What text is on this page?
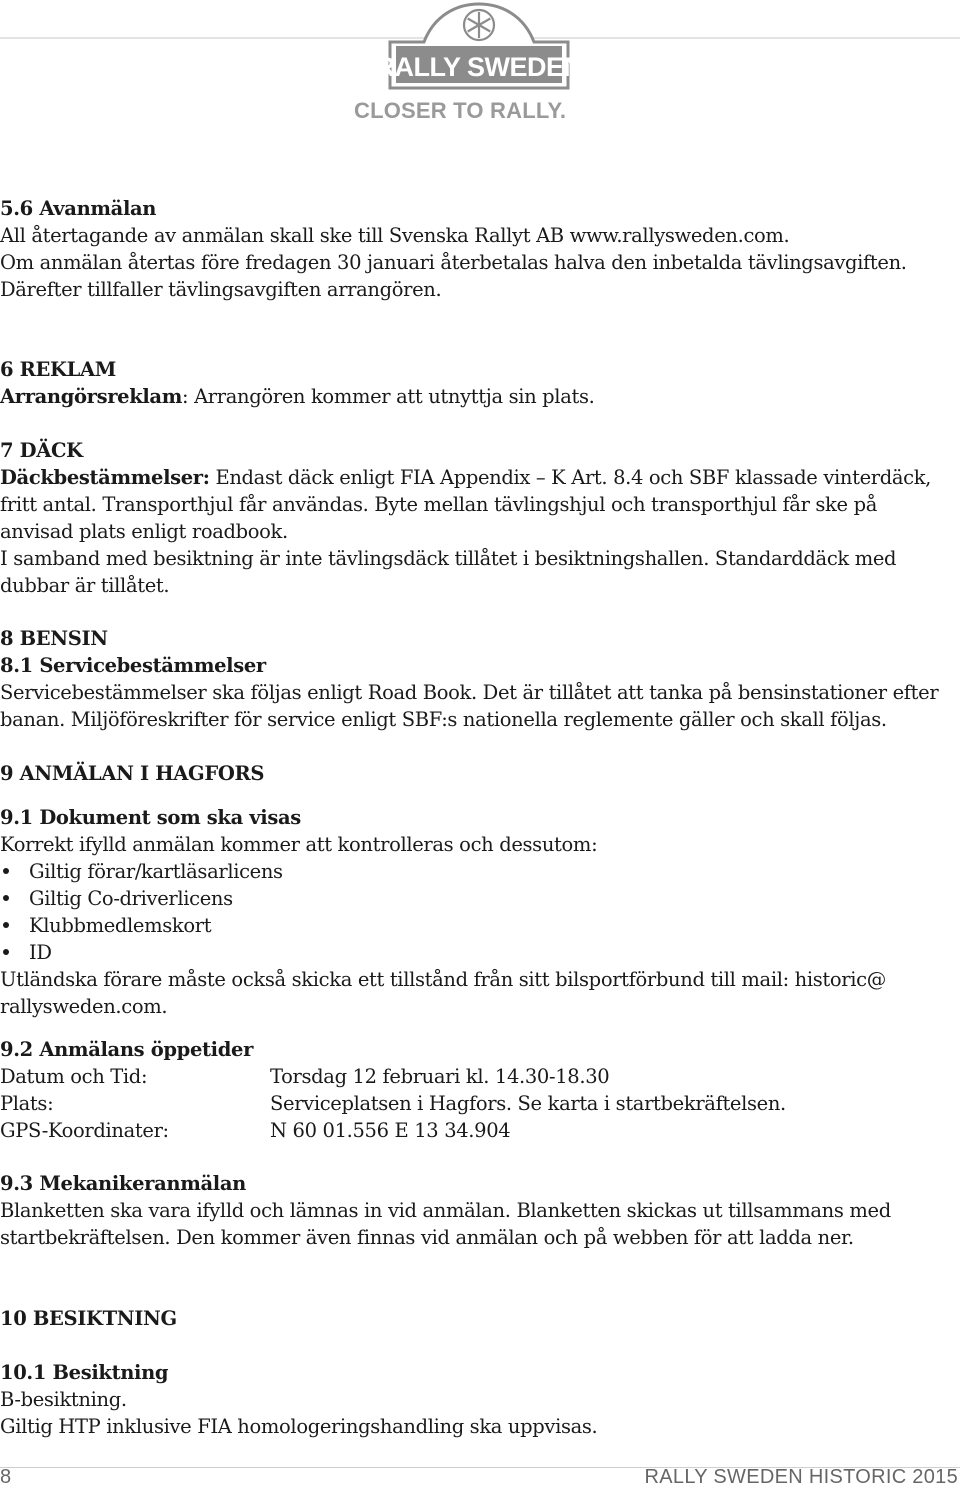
RALLY SWEDEN
CLOSER TO RALLY.
5.6 Avanmälan
All återtagande av anmälan skall ske till Svenska Rallyt AB www.rallysweden.com.
Om anmälan återtas före fredagen 30 januari återbetalas halva den inbetalda tävlingsavgiften.
Därefter tillfaller tävlingsavgiften arrangören.
6 REKLAM
Arrangörsreklam: Arrangören kommer att utnyttja sin plats.
7 DÄCK
Däckbestämmelser: Endast däck enligt FIA Appendix – K Art. 8.4 och SBF klassade vinterdäck,
fritt antal. Transporthjul får användas. Byte mellan tävlingshjul och transporthjul får ske på
anvisad plats enligt roadbook.
I samband med besiktning är inte tävlingsdäck tillåtet i besiktningshallen. Standarddäck med
dubbar är tillåtet.
8 BENSIN
8.1 Servicebestämmelser
Servicebestämmelser ska följas enligt Road Book. Det är tillåtet att tanka på bensinstationer efter
banan. Miljöföreskrifter för service enligt SBF:s nationella reglemente gäller och skall följas.
9 ANMÄLAN I HAGFORS
9.1 Dokument som ska visas
Korrekt ifylld anmälan kommer att kontrolleras och dessutom:
Giltig förar/kartläsarlicens
Giltig Co-driverlicens
Klubbmedlemskort
ID
Utländska förare måste också skicka ett tillstånd från sitt bilsportförbund till mail: historic@
rallysweden.com.
9.2 Anmälans öppetider
Datum och Tid:	Torsdag 12 februari kl. 14.30-18.30
Plats:	Serviceplatsen i Hagfors. Se karta i startbekräftelsen.
GPS-Koordinater:	N 60 01.556 E 13 34.904
9.3 Mekanikeranmälan
Blanketten ska vara ifylld och lämnas in vid anmälan. Blanketten skickas ut tillsammans med
startbekräftelsen. Den kommer även finnas vid anmälan och på webben för att ladda ner.
10 BESIKTNING
10.1 Besiktning
B-besiktning.
Giltig HTP inklusive FIA homologeringshandling ska uppvisas.
8	RALLY SWEDEN HISTORIC 2015
